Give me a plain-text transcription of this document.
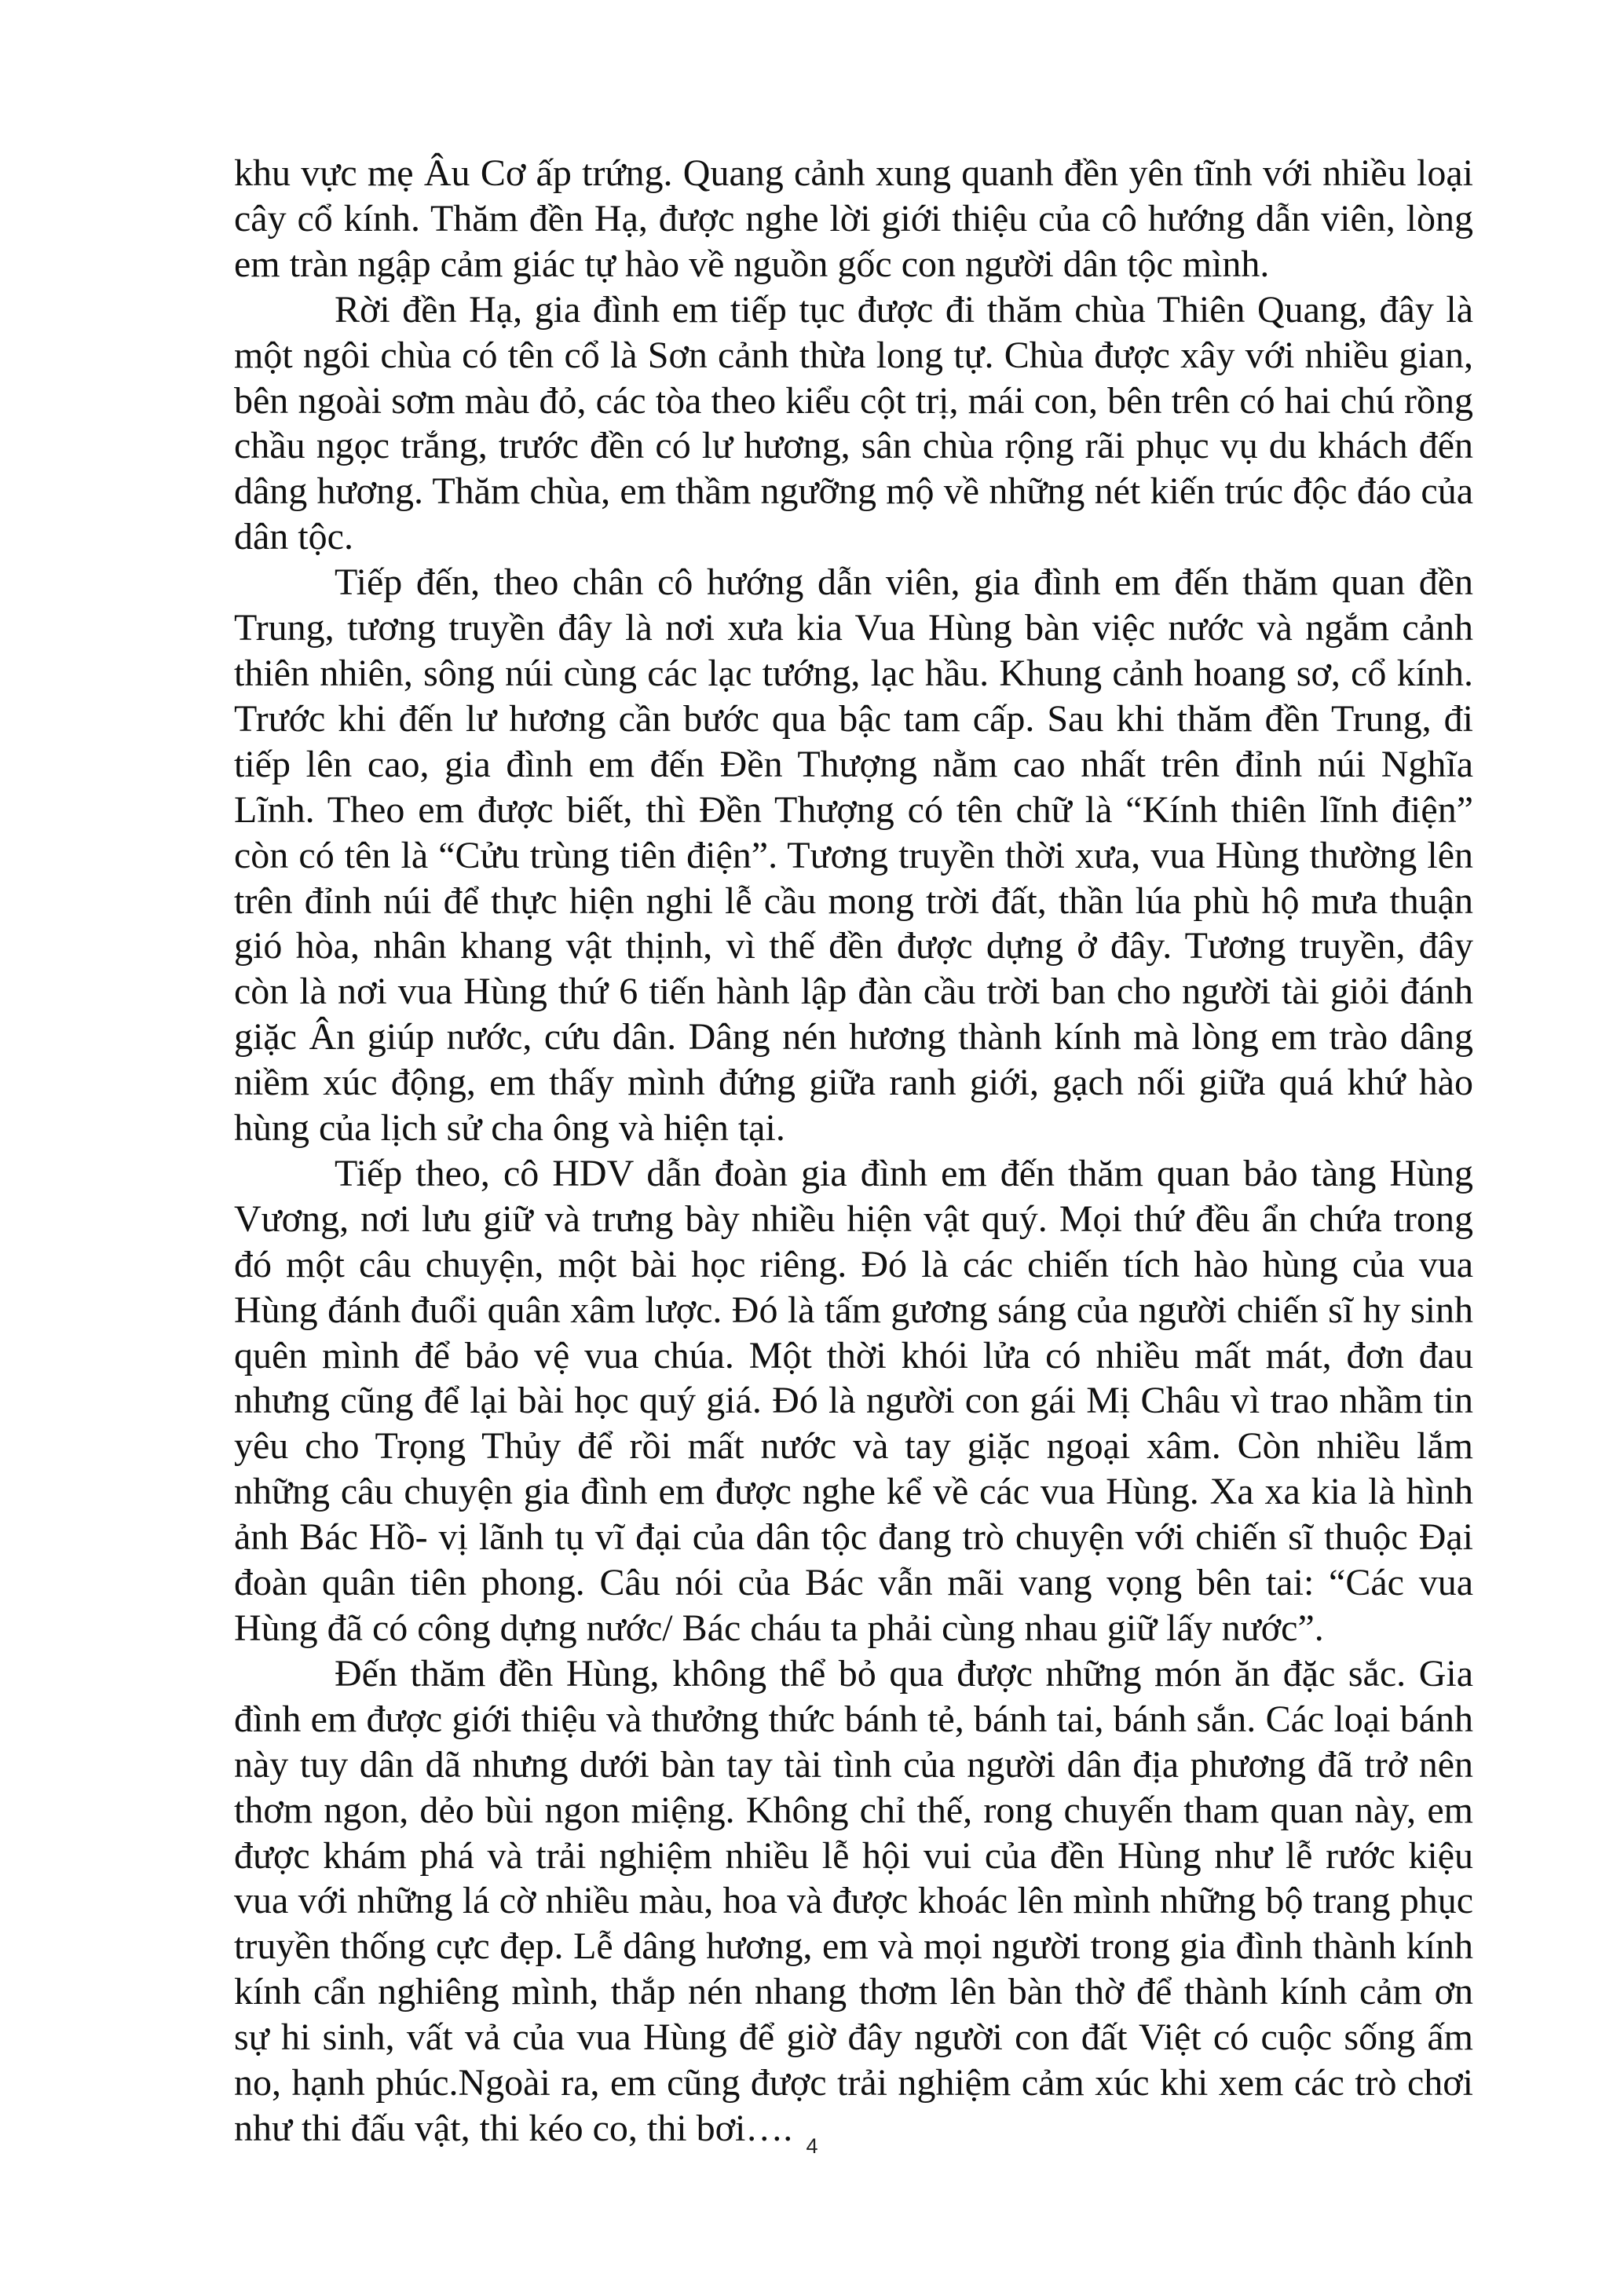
khu vực mẹ Âu Cơ ấp trứng. Quang cảnh xung quanh đền yên tĩnh với nhiều loại cây cổ kính. Thăm đền Hạ, được nghe lời giới thiệu của cô hướng dẫn viên, lòng em tràn ngập cảm giác tự hào về nguồn gốc con người dân tộc mình.

Rời đền Hạ, gia đình em tiếp tục được đi thăm chùa Thiên Quang, đây là một ngôi chùa có tên cổ là Sơn cảnh thừa long tự. Chùa được xây với nhiều gian, bên ngoài sơm màu đỏ, các tòa theo kiểu cột trị, mái con, bên trên có hai chú rồng chầu ngọc trắng, trước đền có lư hương, sân chùa rộng rãi phục vụ du khách đến dâng hương. Thăm chùa, em thầm ngưỡng mộ về những nét kiến trúc độc đáo của dân tộc.

Tiếp đến, theo chân cô hướng dẫn viên, gia đình em đến thăm quan đền Trung, tương truyền đây là nơi xưa kia Vua Hùng bàn việc nước và ngắm cảnh thiên nhiên, sông núi cùng các lạc tướng, lạc hầu. Khung cảnh hoang sơ, cổ kính. Trước khi đến lư hương cần bước qua bậc tam cấp. Sau khi thăm đền Trung, đi tiếp lên cao, gia đình em đến Đền Thượng nằm cao nhất trên đỉnh núi Nghĩa Lĩnh. Theo em được biết, thì Đền Thượng có tên chữ là “Kính thiên lĩnh điện” còn có tên là “Cửu trùng tiên điện”. Tương truyền thời xưa, vua Hùng thường lên trên đỉnh núi để thực hiện nghi lễ cầu mong trời đất, thần lúa phù hộ mưa thuận gió hòa, nhân khang vật thịnh, vì thế đền được dựng ở đây. Tương truyền, đây còn là nơi vua Hùng thứ 6 tiến hành lập đàn cầu trời ban cho người tài giỏi đánh giặc Ân giúp nước, cứu dân. Dâng nén hương thành kính mà lòng em trào dâng niềm xúc động, em thấy mình đứng giữa ranh giới, gạch nối giữa quá khứ hào hùng của lịch sử cha ông và hiện tại.

Tiếp theo, cô HDV dẫn đoàn gia đình em đến thăm quan bảo tàng Hùng Vương, nơi lưu giữ và trưng bày nhiều hiện vật quý. Mọi thứ đều ẩn chứa trong đó một câu chuyện, một bài học riêng. Đó là các chiến tích hào hùng của vua Hùng đánh đuổi quân xâm lược. Đó là tấm gương sáng của người chiến sĩ hy sinh quên mình để bảo vệ vua chúa. Một thời khói lửa có nhiều mất mát, đơn đau nhưng cũng để lại bài học quý giá. Đó là người con gái Mị Châu vì trao nhầm tin yêu cho Trọng Thủy để rồi mất nước và tay giặc ngoại xâm. Còn nhiều lắm những câu chuyện gia đình em được nghe kể về các vua Hùng. Xa xa kia là hình ảnh Bác Hồ- vị lãnh tụ vĩ đại của dân tộc đang trò chuyện với chiến sĩ thuộc Đại đoàn quân tiên phong. Câu nói của Bác vẫn mãi vang vọng bên tai: “Các vua Hùng đã có công dựng nước/ Bác cháu ta phải cùng nhau giữ lấy nước”.

Đến thăm đền Hùng, không thể bỏ qua được những món ăn đặc sắc. Gia đình em được giới thiệu và thưởng thức bánh tẻ, bánh tai, bánh sắn. Các loại bánh này tuy dân dã nhưng dưới bàn tay tài tình của người dân địa phương đã trở nên thơm ngon, dẻo bùi ngon miệng. Không chỉ thế, rong chuyến tham quan này, em được khám phá và trải nghiệm nhiều lễ hội vui của đền Hùng như lễ rước kiệu vua với những lá cờ nhiều màu, hoa và được khoác lên mình những bộ trang phục truyền thống cực đẹp. Lễ dâng hương, em và mọi người trong gia đình thành kính kính cẩn nghiêng mình, thắp nén nhang thơm lên bàn thờ để thành kính cảm ơn sự hi sinh, vất vả của vua Hùng để giờ đây người con đất Việt có cuộc sống ấm no, hạnh phúc.Ngoài ra, em cũng được trải nghiệm cảm xúc khi xem các trò chơi như thi đấu vật, thi kéo co, thi bơi…. 4
